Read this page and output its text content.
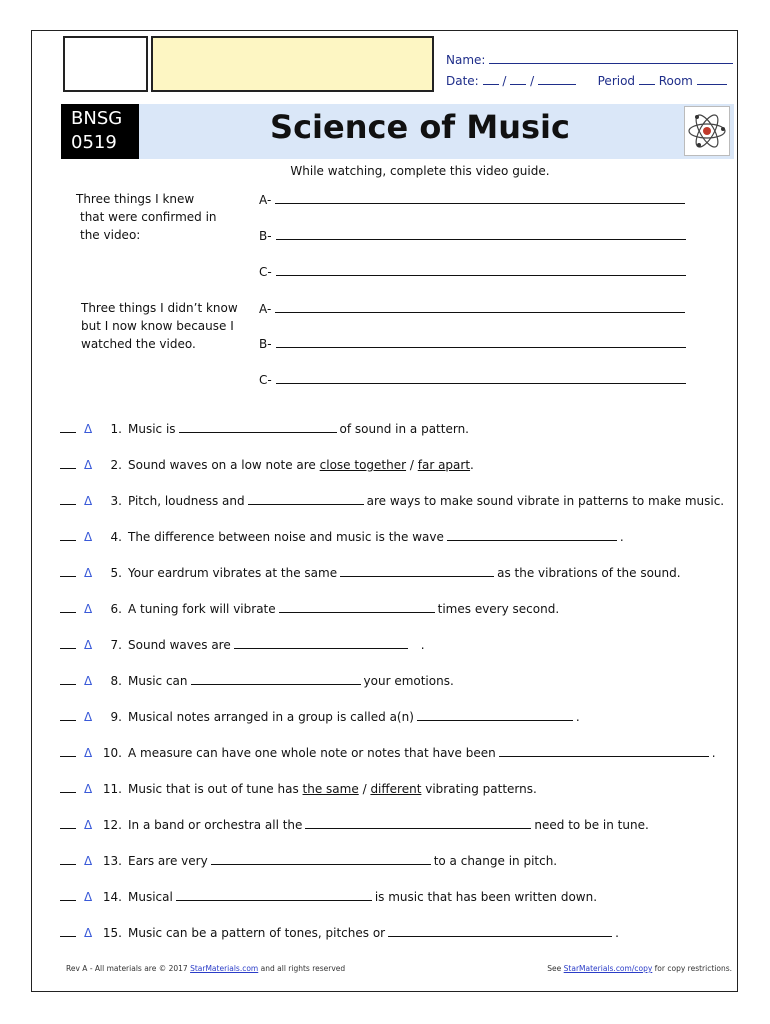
Name:
Date: / /	Period Room
BNSG
0519	Science of Music
While watching, complete this video guide.
Three things I knew
that were confirmed in
the video:
A-
B-
C-
Three things I didn’t know
but I now know because I
watched the video.
A-
B-
C-
Δ 1. Music is	of sound in a pattern.
Δ 2. Sound waves on a low note are close together / far apart.
Δ 3. Pitch, loudness and	are ways to make sound vibrate in patterns to make music.
Δ 4. The difference between noise and music is the wave	.
Δ 5. Your eardrum vibrates at the same	as the vibrations of the sound.
Δ 6. A tuning fork will vibrate	times every second.
Δ 7. Sound waves are	.
Δ 8. Music can	your emotions.
Δ 9. Musical notes arranged in a group is called a(n)	.
Δ 10. A measure can have one whole note or notes that have been	.
Δ 11. Music that is out of tune has the same / different vibrating patterns.
Δ 12. In a band or orchestra all the	need to be in tune.
Δ 13. Ears are very	to a change in pitch.
Δ 14. Musical	is music that has been written down.
Δ 15. Music can be a pattern of tones, pitches or	.
Rev A - All materials are © 2017 StarMaterials.com and all rights reserved	See StarMaterials.com/copy for copy restrictions.
